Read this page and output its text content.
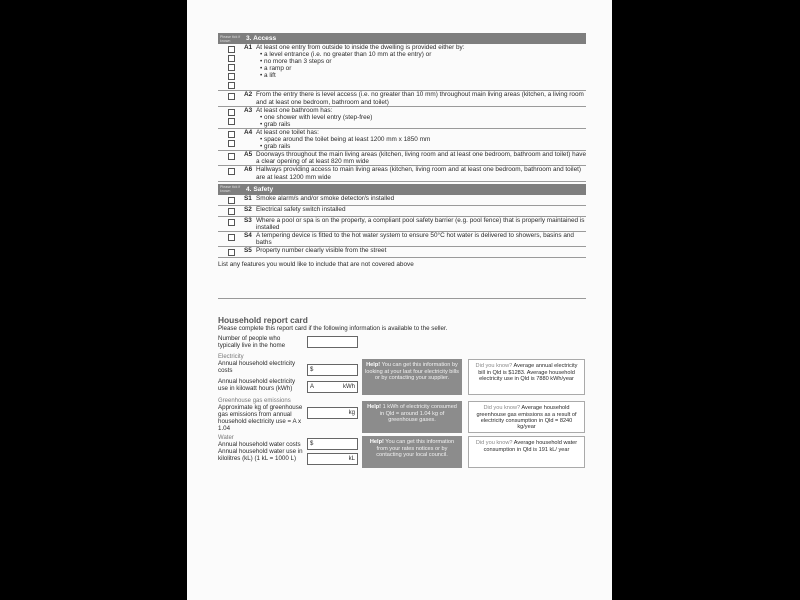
Please tick if known	3. Access
A1 At least one entry from outside to inside the dwelling is provided either by:
• a level entrance (i.e. no greater than 10 mm at the entry) or
• no more than 3 steps or
• a ramp or
• a lift
A2 From the entry there is level access (i.e. no greater than 10 mm) throughout main living areas (kitchen, a living room and at least one bedroom, bathroom and toilet)
A3 At least one bathroom has:
• one shower with level entry (step-free)
• grab rails
A4 At least one toilet has:
• space around the toilet being at least 1200 mm x 1850 mm
• grab rails
A5 Doorways throughout the main living areas (kitchen, living room and at least one bedroom, bathroom and toilet) have a clear opening of at least 820 mm wide
A6 Hallways providing access to main living areas (kitchen, living room and at least one bedroom, bathroom and toilet) are at least 1200 mm wide
Please tick if known	4. Safety
S1 Smoke alarm/s and/or smoke detector/s installed
S2 Electrical safety switch installed
S3 Where a pool or spa is on the property, a compliant pool safety barrier (e.g. pool fence) that is properly maintained is installed
S4 A tempering device is fitted to the hot water system to ensure 50°C hot water is delivered to showers, basins and baths
S5 Property number clearly visible from the street
List any features you would like to include that are not covered above
Household report card
Please complete this report card if the following information is available to the seller.
Number of people who typically live in the home
Electricity
Annual household electricity costs	$
Annual household electricity use in kilowatt hours (kWh)	A	kWh
Help! You can get this information by looking at your last four electricity bills or by contacting your supplier.
Did you know? Average annual electricity bill in Qld is $1283. Average household electricity use in Qld is 7880 kWh/year
Greenhouse gas emissions
Approximate kg of greenhouse gas emissions from annual household electricity use = A x 1.04
kg
Help! 1 kWh of electricity consumed in Qld = around 1.04 kg of greenhouse gases.
Did you know? Average household greenhouse gas emissions as a result of electricity consumption in Qld = 8240 kg/year
Water
Annual household water costs	$
Annual household water use in kilolitres (kL) (1 kL = 1000 L)	kL
Help! You can get this information from your rates notices or by contacting your local council.
Did you know? Average household water consumption in Qld is 191 kL/ year
